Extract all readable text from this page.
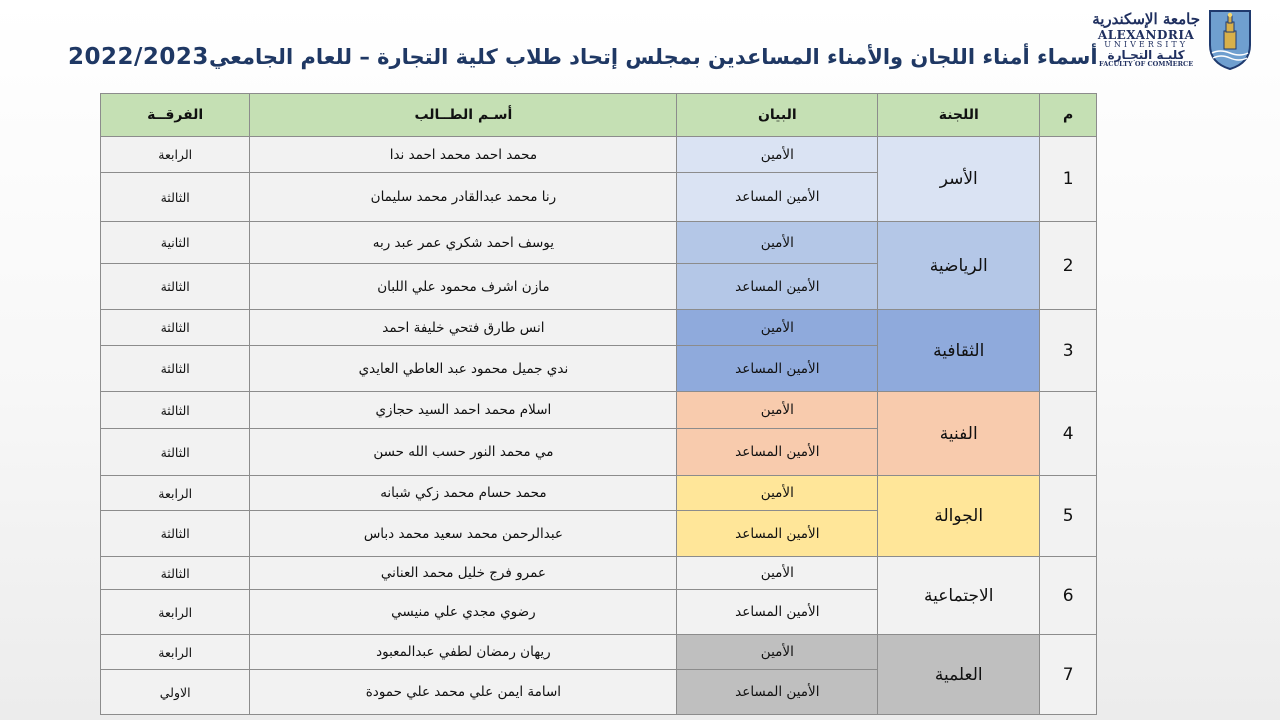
2022/2023 أسماء أمناء اللجان والأمناء المساعدين بمجلس إتحاد طلاب كلية التجارة – للعام الجامعي
جامعة الإسكندرية
ALEXANDRIA
UNIVERSITY
كليـة التجـارة
FACULTY OF COMMERCE
م	اللجنة	البيان	أسـم الطــالب	الفرقــة
1	الأسر	الأمين	محمد احمد محمد احمد ندا	الرابعة
		الأمين المساعد	رنا محمد عبدالقادر محمد سليمان	الثالثة
2	الرياضية	الأمين	يوسف احمد شكري عمر عبد ربه	الثانية
		الأمين المساعد	مازن اشرف محمود علي اللبان	الثالثة
3	الثقافية	الأمين	انس طارق فتحي خليفة احمد	الثالثة
		الأمين المساعد	ندي جميل محمود عبد العاطي العايدي	الثالثة
4	الفنية	الأمين	اسلام محمد احمد السيد حجازي	الثالثة
		الأمين المساعد	مي محمد النور حسب الله حسن	الثالثة
5	الجوالة	الأمين	محمد حسام محمد زكي شبانه	الرابعة
		الأمين المساعد	عبدالرحمن محمد سعيد محمد دباس	الثالثة
6	الاجتماعية	الأمين	عمرو فرج خليل محمد العناني	الثالثة
		الأمين المساعد	رضوي مجدي علي منيسي	الرابعة
7	العلمية	الأمين	ريهان رمضان لطفي عبدالمعبود	الرابعة
		الأمين المساعد	اسامة ايمن علي محمد علي حمودة	الاولي
